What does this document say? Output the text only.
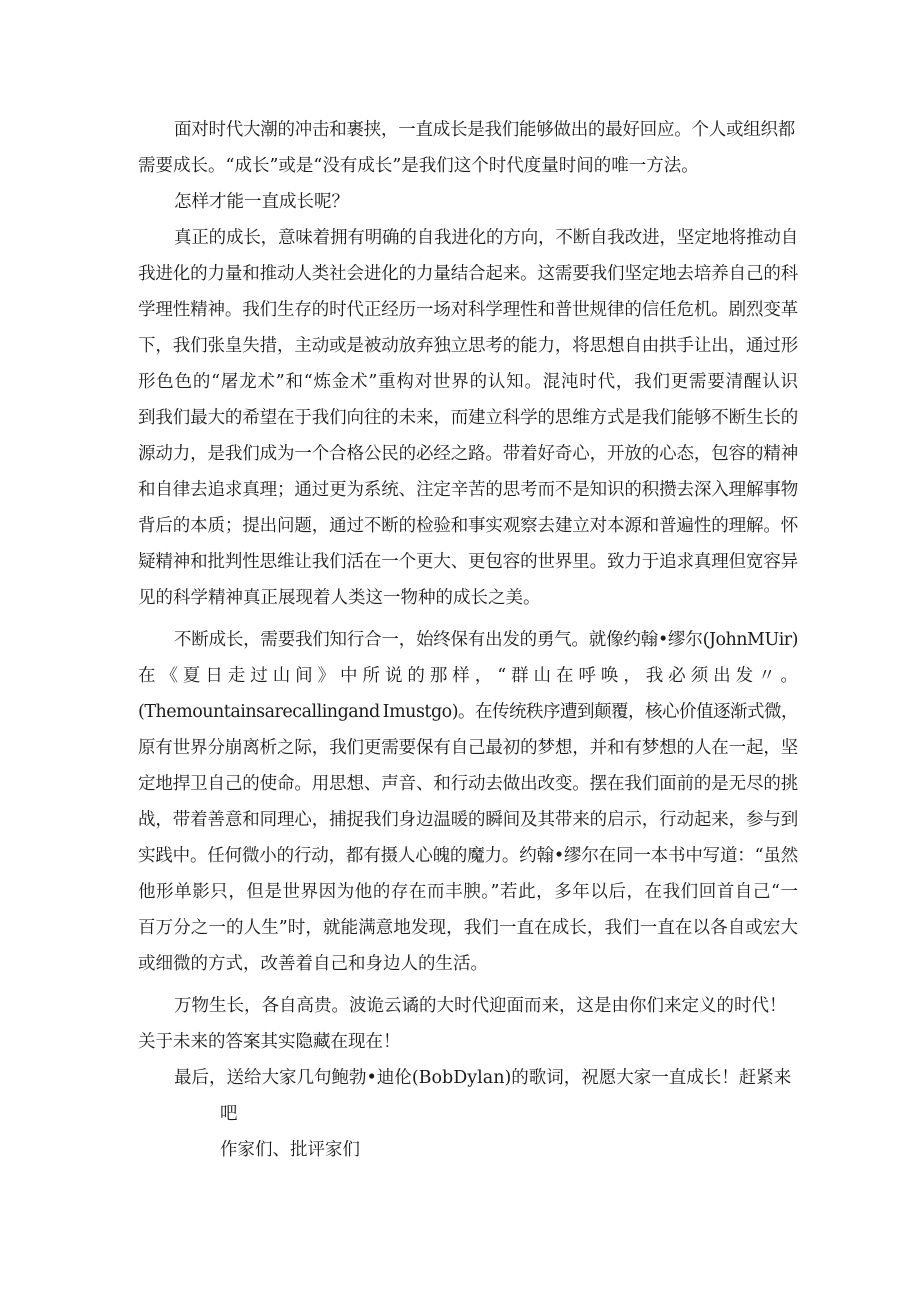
面对时代大潮的冲击和裹挟，一直成长是我们能够做出的最好回应。个人或组织都

需要成长。“成长”或是“没有成长”是我们这个时代度量时间的唯一方法。

怎样才能一直成长呢？

真正的成长，意味着拥有明确的自我进化的方向，不断自我改进，坚定地将推动自

我进化的力量和推动人类社会进化的力量结合起来。这需要我们坚定地去培养自己的科

学理性精神。我们生存的时代正经历一场对科学理性和普世规律的信任危机。剧烈变革

下，我们张皇失措，主动或是被动放弃独立思考的能力，将思想自由拱手让出，通过形

形色色的“屠龙术”和“炼金术”重构对世界的认知。混沌时代，我们更需要清醒认识

到我们最大的希望在于我们向往的未来，而建立科学的思维方式是我们能够不断生长的

源动力，是我们成为一个合格公民的必经之路。带着好奇心，开放的心态，包容的精神

和自律去追求真理；通过更为系统、注定辛苦的思考而不是知识的积攒去深入理解事物

背后的本质；提出问题，通过不断的检验和事实观察去建立对本源和普遍性的理解。怀

疑精神和批判性思维让我们活在一个更大、更包容的世界里。致力于追求真理但宽容异

见的科学精神真正展现着人类这一物种的成长之美。

不断成长，需要我们知行合一，始终保有出发的勇气。就像约翰•缪尔(JohnMUir)

在《夏日走过山间》中所说的那样，“群山在呼唤，我必须出发〃。

(Themountainsarecallingand Imustgo)。在传统秩序遭到颠覆，核心价值逐渐式微，

原有世界分崩离析之际，我们更需要保有自己最初的梦想，并和有梦想的人在一起，坚

定地捍卫自己的使命。用思想、声音、和行动去做出改变。摆在我们面前的是无尽的挑

战，带着善意和同理心，捕捉我们身边温暖的瞬间及其带来的启示，行动起来，参与到

实践中。任何微小的行动，都有摄人心魄的魔力。约翰•缪尔在同一本书中写道：“虽然

他形单影只，但是世界因为他的存在而丰腴。”若此，多年以后，在我们回首自己“一

百万分之一的人生”时，就能满意地发现，我们一直在成长，我们一直在以各自或宏大

或细微的方式，改善着自己和身边人的生活。

万物生长，各自高贵。波诡云谲的大时代迎面而来，这是由你们来定义的时代！

关于未来的答案其实隐藏在现在！

最后，送给大家几句鲍勃•迪伦(BobDylan)的歌词，祝愿大家一直成长！赶紧来

吧

作家们、批评家们
